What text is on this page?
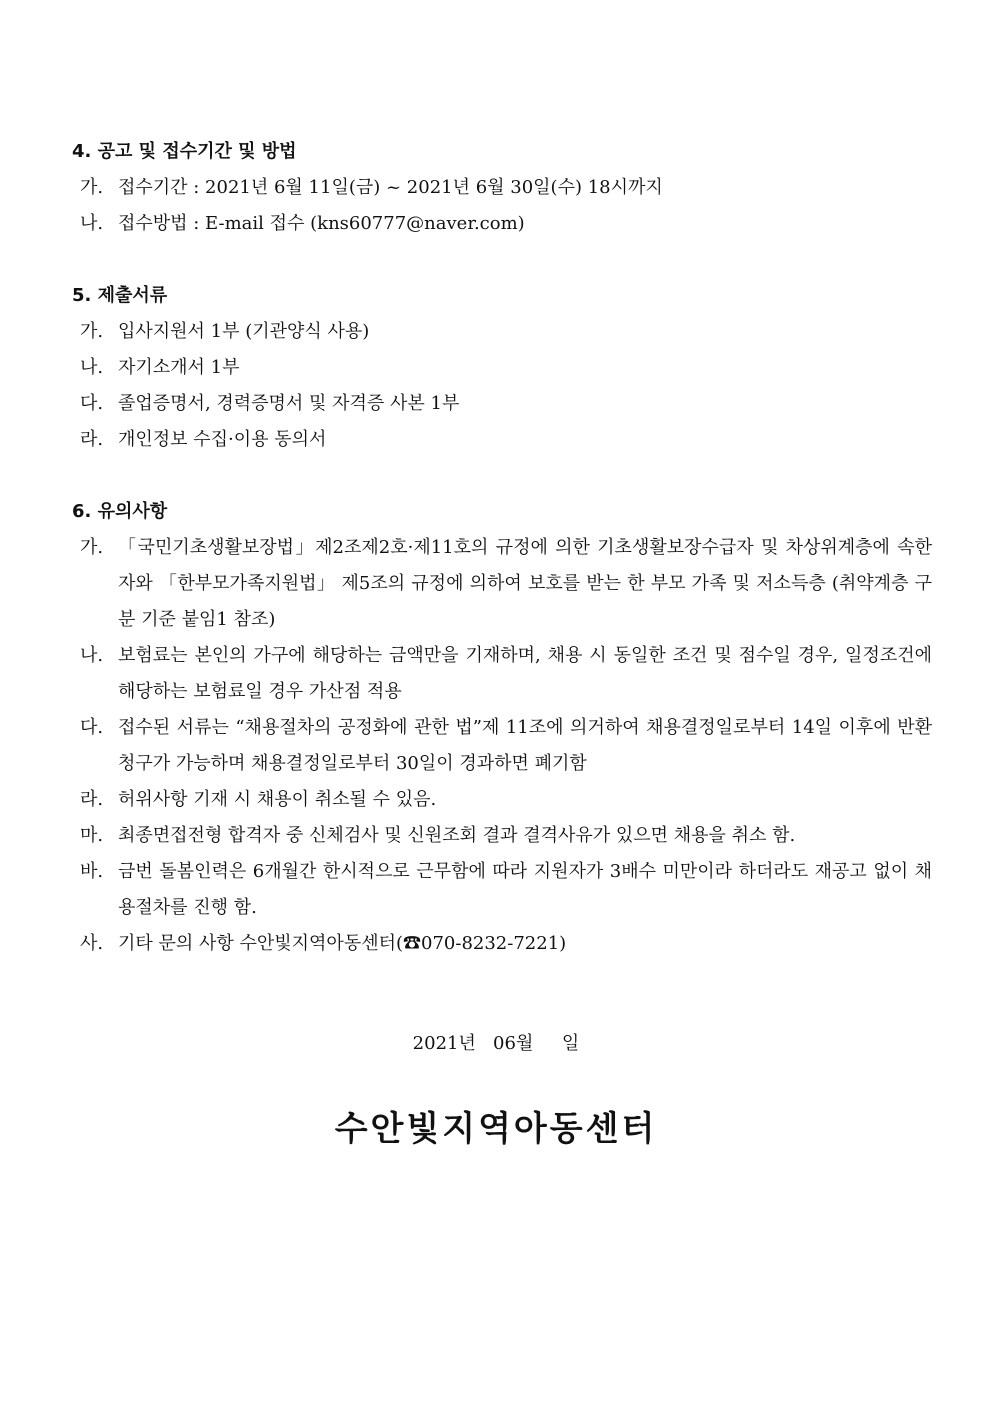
4. 공고 및 접수기간 및 방법
가. 접수기간 : 2021년 6월 11일(금) ~ 2021년 6월 30일(수) 18시까지
나. 접수방법 : E-mail 접수 (kns60777@naver.com)
5. 제출서류
가. 입사지원서 1부 (기관양식 사용)
나. 자기소개서 1부
다. 졸업증명서, 경력증명서 및 자격증 사본 1부
라. 개인정보 수집·이용 동의서
6. 유의사항
가. 「국민기초생활보장법」제2조제2호·제11호의 규정에 의한 기초생활보장수급자 및 차상위계층에 속한자와 「한부모가족지원법」 제5조의 규정에 의하여 보호를 받는 한 부모 가족 및 저소득층 (취약계층 구분 기준 붙임1 참조)
나. 보험료는 본인의 가구에 해당하는 금액만을 기재하며, 채용 시 동일한 조건 및 점수일 경우, 일정조건에 해당하는 보험료일 경우 가산점 적용
다. 접수된 서류는 “채용절차의 공정화에 관한 법”제 11조에 의거하여 채용결정일로부터 14일 이후에 반환청구가 가능하며 채용결정일로부터 30일이 경과하면 폐기함
라. 허위사항 기재 시 채용이 취소될 수 있음.
마. 최종면접전형 합격자 중 신체검사 및 신원조회 결과 결격사유가 있으면 채용을 취소 함.
바. 금번 돌봄인력은 6개월간 한시적으로 근무함에 따라 지원자가 3배수 미만이라 하더라도 재공고 없이 채용절차를 진행 함.
사. 기타 문의 사항 수안빛지역아동센터(☎070-8232-7221)
2021년   06월     일
수안빛지역아동센터
